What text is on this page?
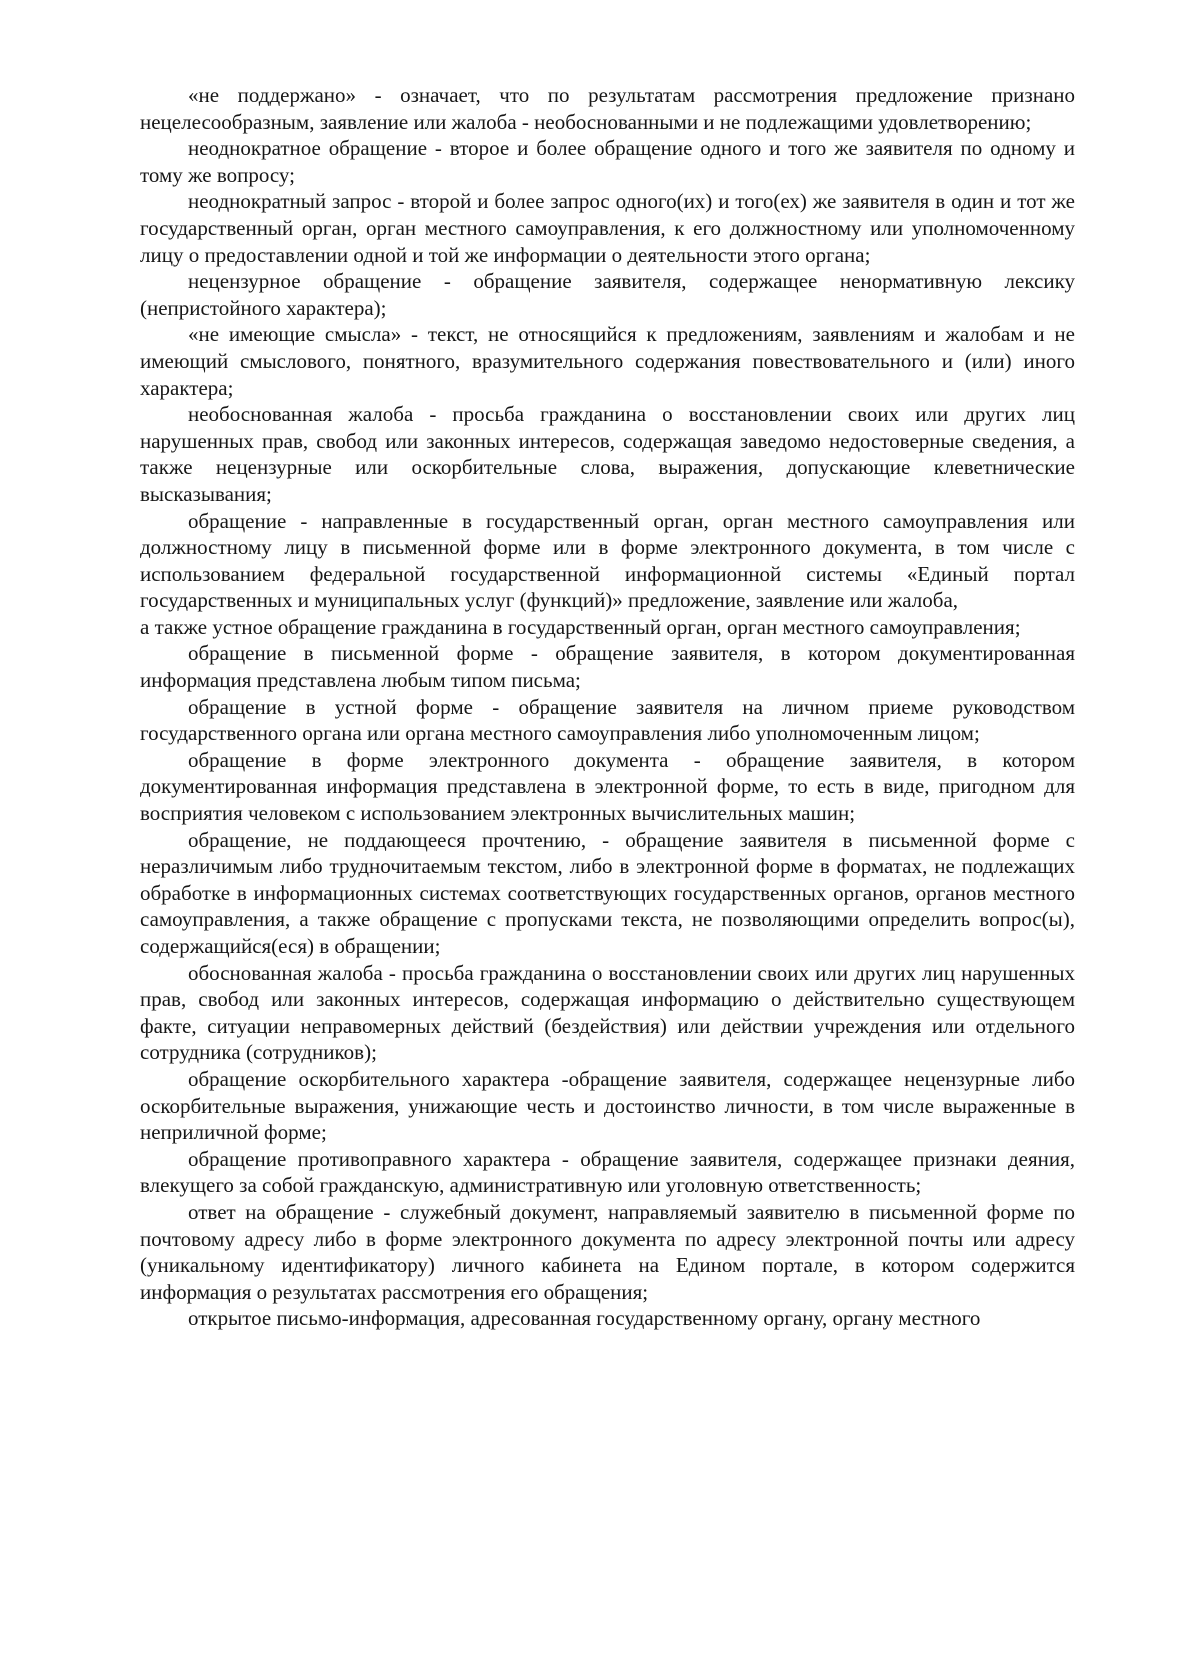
«не поддержано» - означает, что по результатам рассмотрения предложение признано нецелесообразным, заявление или жалоба - необоснованными и не подлежащими удовлетворению;

неоднократное обращение - второе и более обращение одного и того же заявителя по одному и тому же вопросу;

неоднократный запрос - второй и более запрос одного(их) и того(ех) же заявителя в один и тот же государственный орган, орган местного самоуправления, к его должностному или уполномоченному лицу о предоставлении одной и той же информации о деятельности этого органа;

нецензурное обращение - обращение заявителя, содержащее ненормативную лексику (непристойного характера);

«не имеющие смысла» - текст, не относящийся к предложениям, заявлениям и жалобам и не имеющий смыслового, понятного, вразумительного содержания повествовательного и (или) иного характера;

необоснованная жалоба - просьба гражданина о восстановлении своих или других лиц нарушенных прав, свобод или законных интересов, содержащая заведомо недостоверные сведения, а также нецензурные или оскорбительные слова, выражения, допускающие клеветнические высказывания;

обращение - направленные в государственный орган, орган местного самоуправления или должностному лицу в письменной форме или в форме электронного документа, в том числе с использованием федеральной государственной информационной системы «Единый портал государственных и муниципальных услуг (функций)» предложение, заявление или жалоба,

а также устное обращение гражданина в государственный орган, орган местного самоуправления;

обращение в письменной форме - обращение заявителя, в котором документированная информация представлена любым типом письма;

обращение в устной форме - обращение заявителя на личном приеме руководством государственного органа или органа местного самоуправления либо уполномоченным лицом;

обращение в форме электронного документа - обращение заявителя, в котором документированная информация представлена в электронной форме, то есть в виде, пригодном для восприятия человеком с использованием электронных вычислительных машин;

обращение, не поддающееся прочтению, - обращение заявителя в письменной форме с неразличимым либо трудночитаемым текстом, либо в электронной форме в форматах, не подлежащих обработке в информационных системах соответствующих государственных органов, органов местного самоуправления, а также обращение с пропусками текста, не позволяющими определить вопрос(ы), содержащийся(еся) в обращении;

обоснованная жалоба - просьба гражданина о восстановлении своих или других лиц нарушенных прав, свобод или законных интересов, содержащая информацию о действительно существующем факте, ситуации неправомерных действий (бездействия) или действии учреждения или отдельного сотрудника (сотрудников);

обращение оскорбительного характера -обращение заявителя, содержащее нецензурные либо оскорбительные выражения, унижающие честь и достоинство личности, в том числе выраженные в неприличной форме;

обращение противоправного характера - обращение заявителя, содержащее признаки деяния, влекущего за собой гражданскую, административную или уголовную ответственность;

ответ на обращение - служебный документ, направляемый заявителю в письменной форме по почтовому адресу либо в форме электронного документа по адресу электронной почты или адресу (уникальному идентификатору) личного кабинета на Едином портале, в котором содержится информация о результатах рассмотрения его обращения;

открытое письмо-информация, адресованная государственному органу, органу местного
